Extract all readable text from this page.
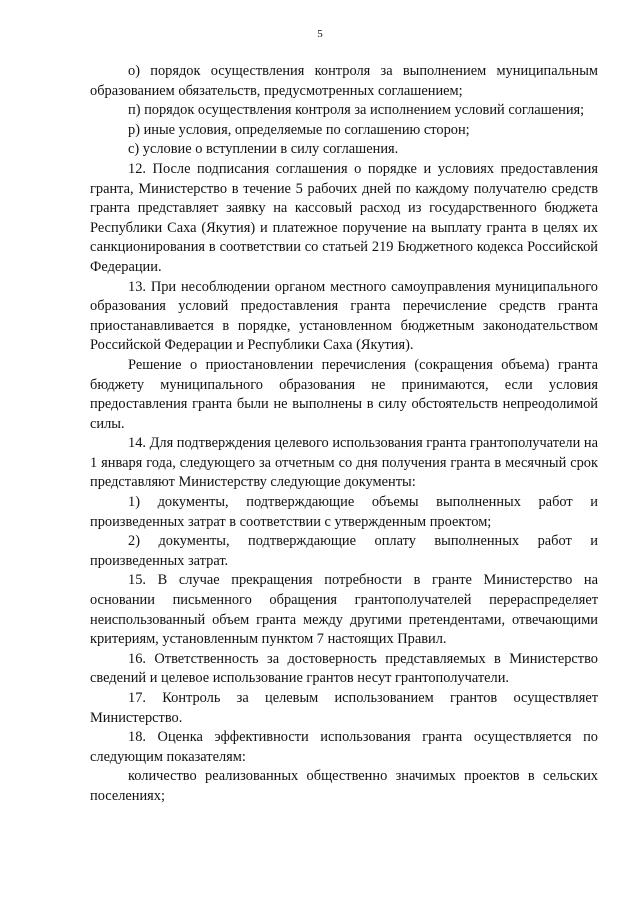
5

о) порядок осуществления контроля за выполнением муниципальным образованием обязательств, предусмотренных соглашением;

п) порядок осуществления контроля за исполнением условий соглашения;

р) иные условия, определяемые по соглашению сторон;

с) условие о вступлении в силу соглашения.

12. После подписания соглашения о порядке и условиях предоставления гранта, Министерство в течение 5 рабочих дней по каждому получателю средств гранта представляет заявку на кассовый расход из государственного бюджета Республики Саха (Якутия) и платежное поручение на выплату гранта в целях их санкционирования в соответствии со статьей 219 Бюджетного кодекса Российской Федерации.

13. При несоблюдении органом местного самоуправления муниципального образования условий предоставления гранта перечисление средств гранта приостанавливается в порядке, установленном бюджетным законодательством Российской Федерации и Республики Саха (Якутия).

Решение о приостановлении перечисления (сокращения объема) гранта бюджету муниципального образования не принимаются, если условия предоставления гранта были не выполнены в силу обстоятельств непреодолимой силы.

14. Для подтверждения целевого использования гранта грантополучатели на 1 января года, следующего за отчетным со дня получения гранта в месячный срок представляют Министерству следующие документы:

1) документы, подтверждающие объемы выполненных работ и произведенных затрат в соответствии с утвержденным проектом;

2) документы, подтверждающие оплату выполненных работ и произведенных затрат.

15. В случае прекращения потребности в гранте Министерство на основании письменного обращения грантополучателей перераспределяет неиспользованный объем гранта между другими претендентами, отвечающими критериям, установленным пунктом 7 настоящих Правил.

16. Ответственность за достоверность представляемых в Министерство сведений и целевое использование грантов несут грантополучатели.

17. Контроль за целевым использованием грантов осуществляет Министерство.

18. Оценка эффективности использования гранта осуществляется по следующим показателям:

количество реализованных общественно значимых проектов в сельских поселениях;
